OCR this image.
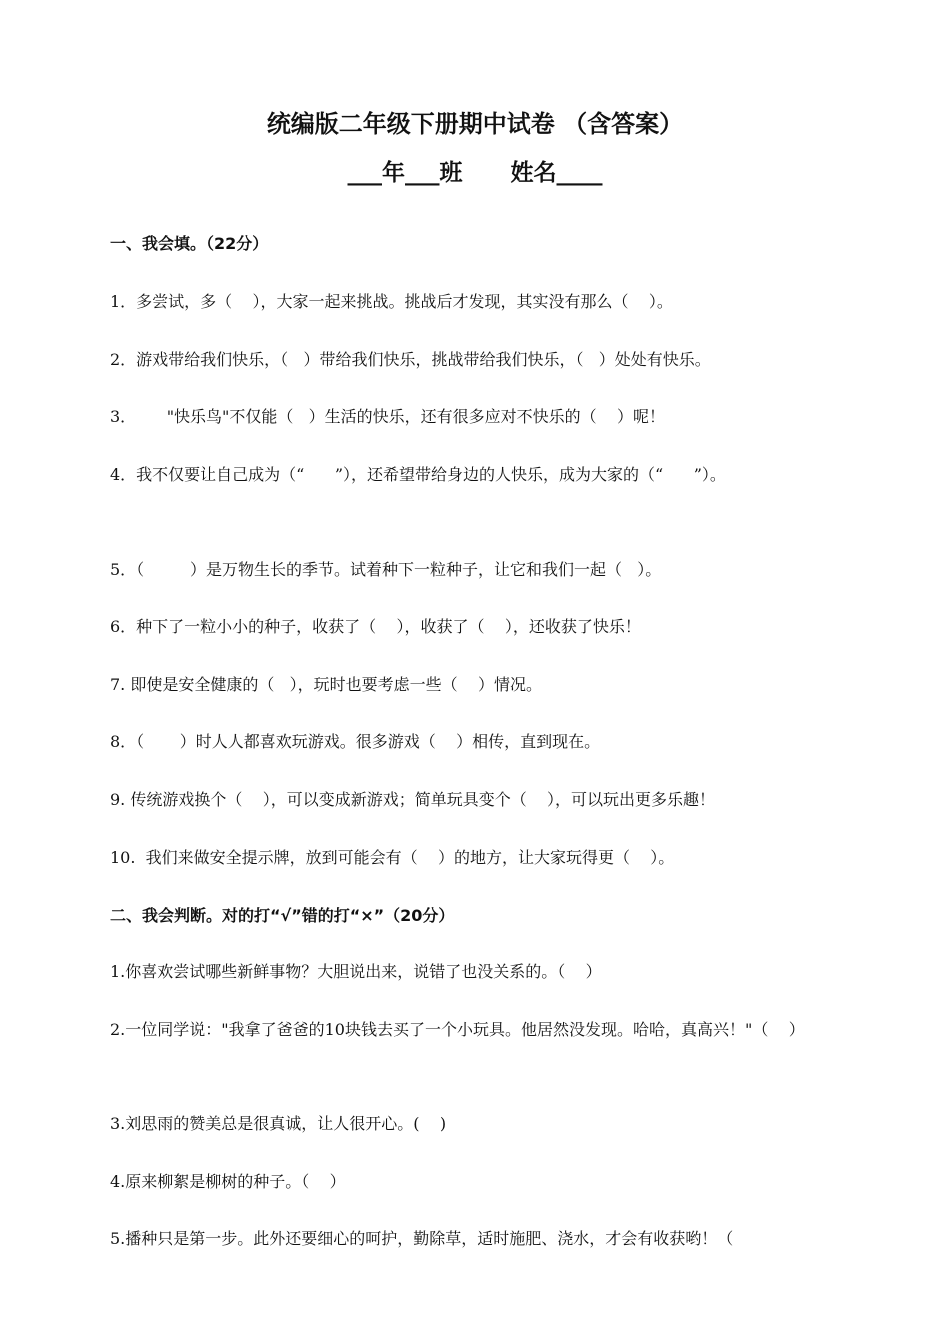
统编版二年级下册期中试卷 （含答案）
___年___班      姓名____
一、我会填。（22分）
1．多尝试，多（    ），大家一起来挑战。挑战后才发现，其实没有那么（    ）。
2．游戏带给我们快乐，（   ）带给我们快乐，挑战带给我们快乐，（   ）处处有快乐。
3．      "快乐鸟"不仅能（   ）生活的快乐，还有很多应对不快乐的（    ）呢！
4．我不仅要让自己成为（“      ”），还希望带给身边的人快乐，成为大家的（“      ”）。
5．（         ）是万物生长的季节。试着种下一粒种子，让它和我们一起（   ）。
6．种下了一粒小小的种子，收获了（    ），收获了（    ），还收获了快乐！
7. 即使是安全健康的（   ），玩时也要考虑一些（    ）情况。
8．（       ）时人人都喜欢玩游戏。很多游戏（    ）相传，直到现在。
9. 传统游戏换个（    ），可以变成新游戏；简单玩具变个（    ），可以玩出更多乐趣！
10.  我们来做安全提示牌，放到可能会有（    ）的地方，让大家玩得更（    ）。
二、我会判断。对的打“√”错的打“×”（20分）
1.你喜欢尝试哪些新鲜事物？大胆说出来，说错了也没关系的。（    ）
2.一位同学说："我拿了爸爸的10块钱去买了一个小玩具。他居然没发现。哈哈，真高兴！"（    ）
3.刘思雨的赞美总是很真诚，让人很开心。(    )
4.原来柳絮是柳树的种子。（    ）
5.播种只是第一步。此外还要细心的呵护，勤除草，适时施肥、浇水，才会有收获哟！（
